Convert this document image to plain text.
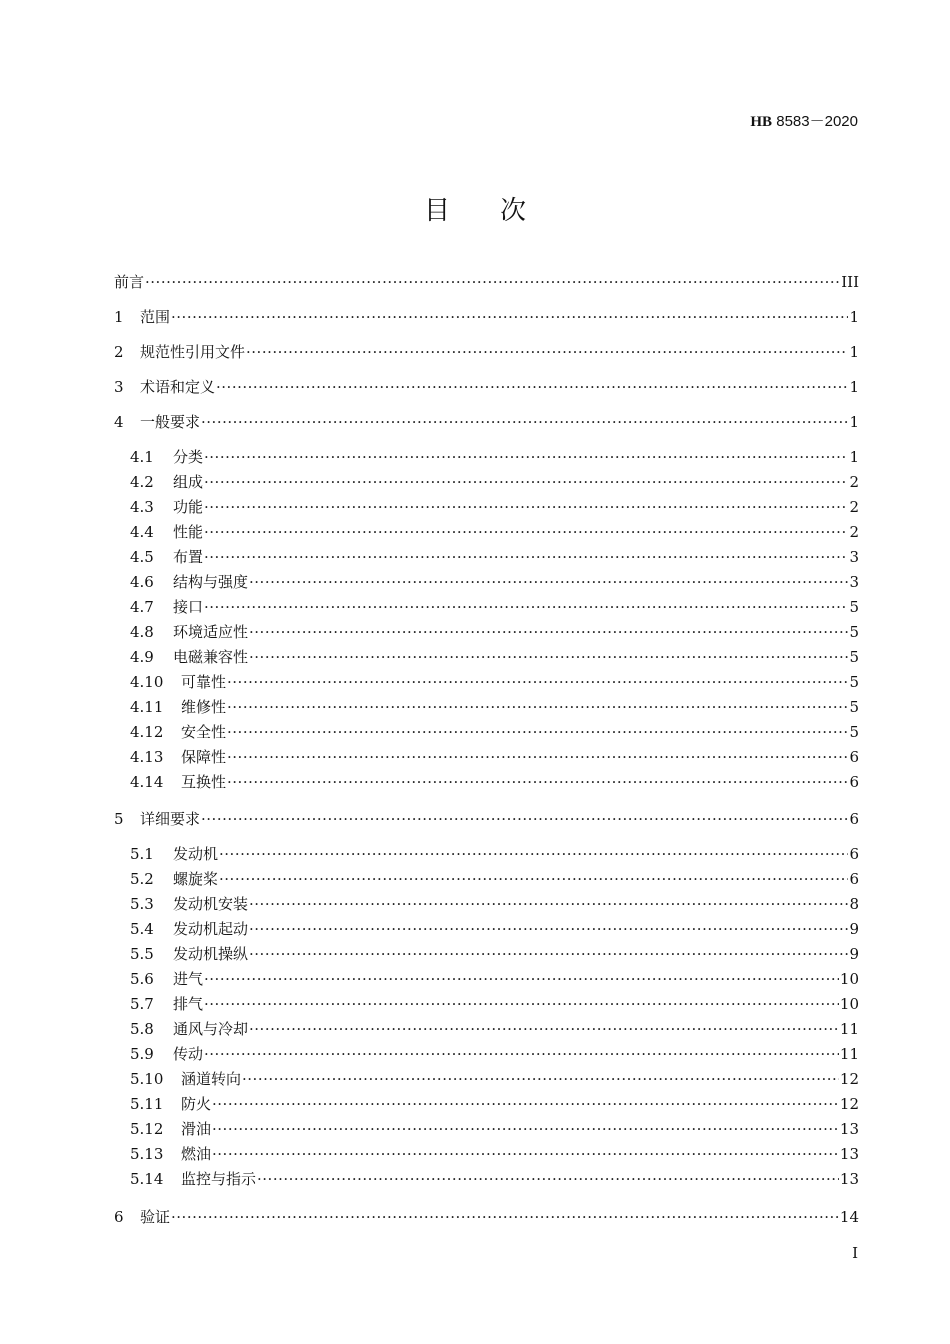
HB 8583－2020
目次
前言 ·····	III
1	范围 ·····	1
2	规范性引用文件 ·····	1
3	术语和定义 ·····	1
4	一般要求 ·····	1
4.1	分类 ·····	1
4.2	组成 ·····	2
4.3	功能 ·····	2
4.4	性能 ·····	2
4.5	布置 ·····	3
4.6	结构与强度 ·····	3
4.7	接口 ·····	5
4.8	环境适应性 ·····	5
4.9	电磁兼容性 ·····	5
4.10	可靠性 ·····	5
4.11	维修性 ·····	5
4.12	安全性 ·····	5
4.13	保障性 ·····	6
4.14	互换性 ·····	6
5	详细要求 ·····	6
5.1	发动机 ·····	6
5.2	螺旋桨 ·····	6
5.3	发动机安装 ·····	8
5.4	发动机起动 ·····	9
5.5	发动机操纵 ·····	9
5.6	进气 ·····	10
5.7	排气 ·····	10
5.8	通风与冷却 ·····	11
5.9	传动 ·····	11
5.10	涵道转向 ·····	12
5.11	防火 ·····	12
5.12	滑油 ·····	13
5.13	燃油 ·····	13
5.14	监控与指示 ·····	13
6	验证 ·····	14
I
